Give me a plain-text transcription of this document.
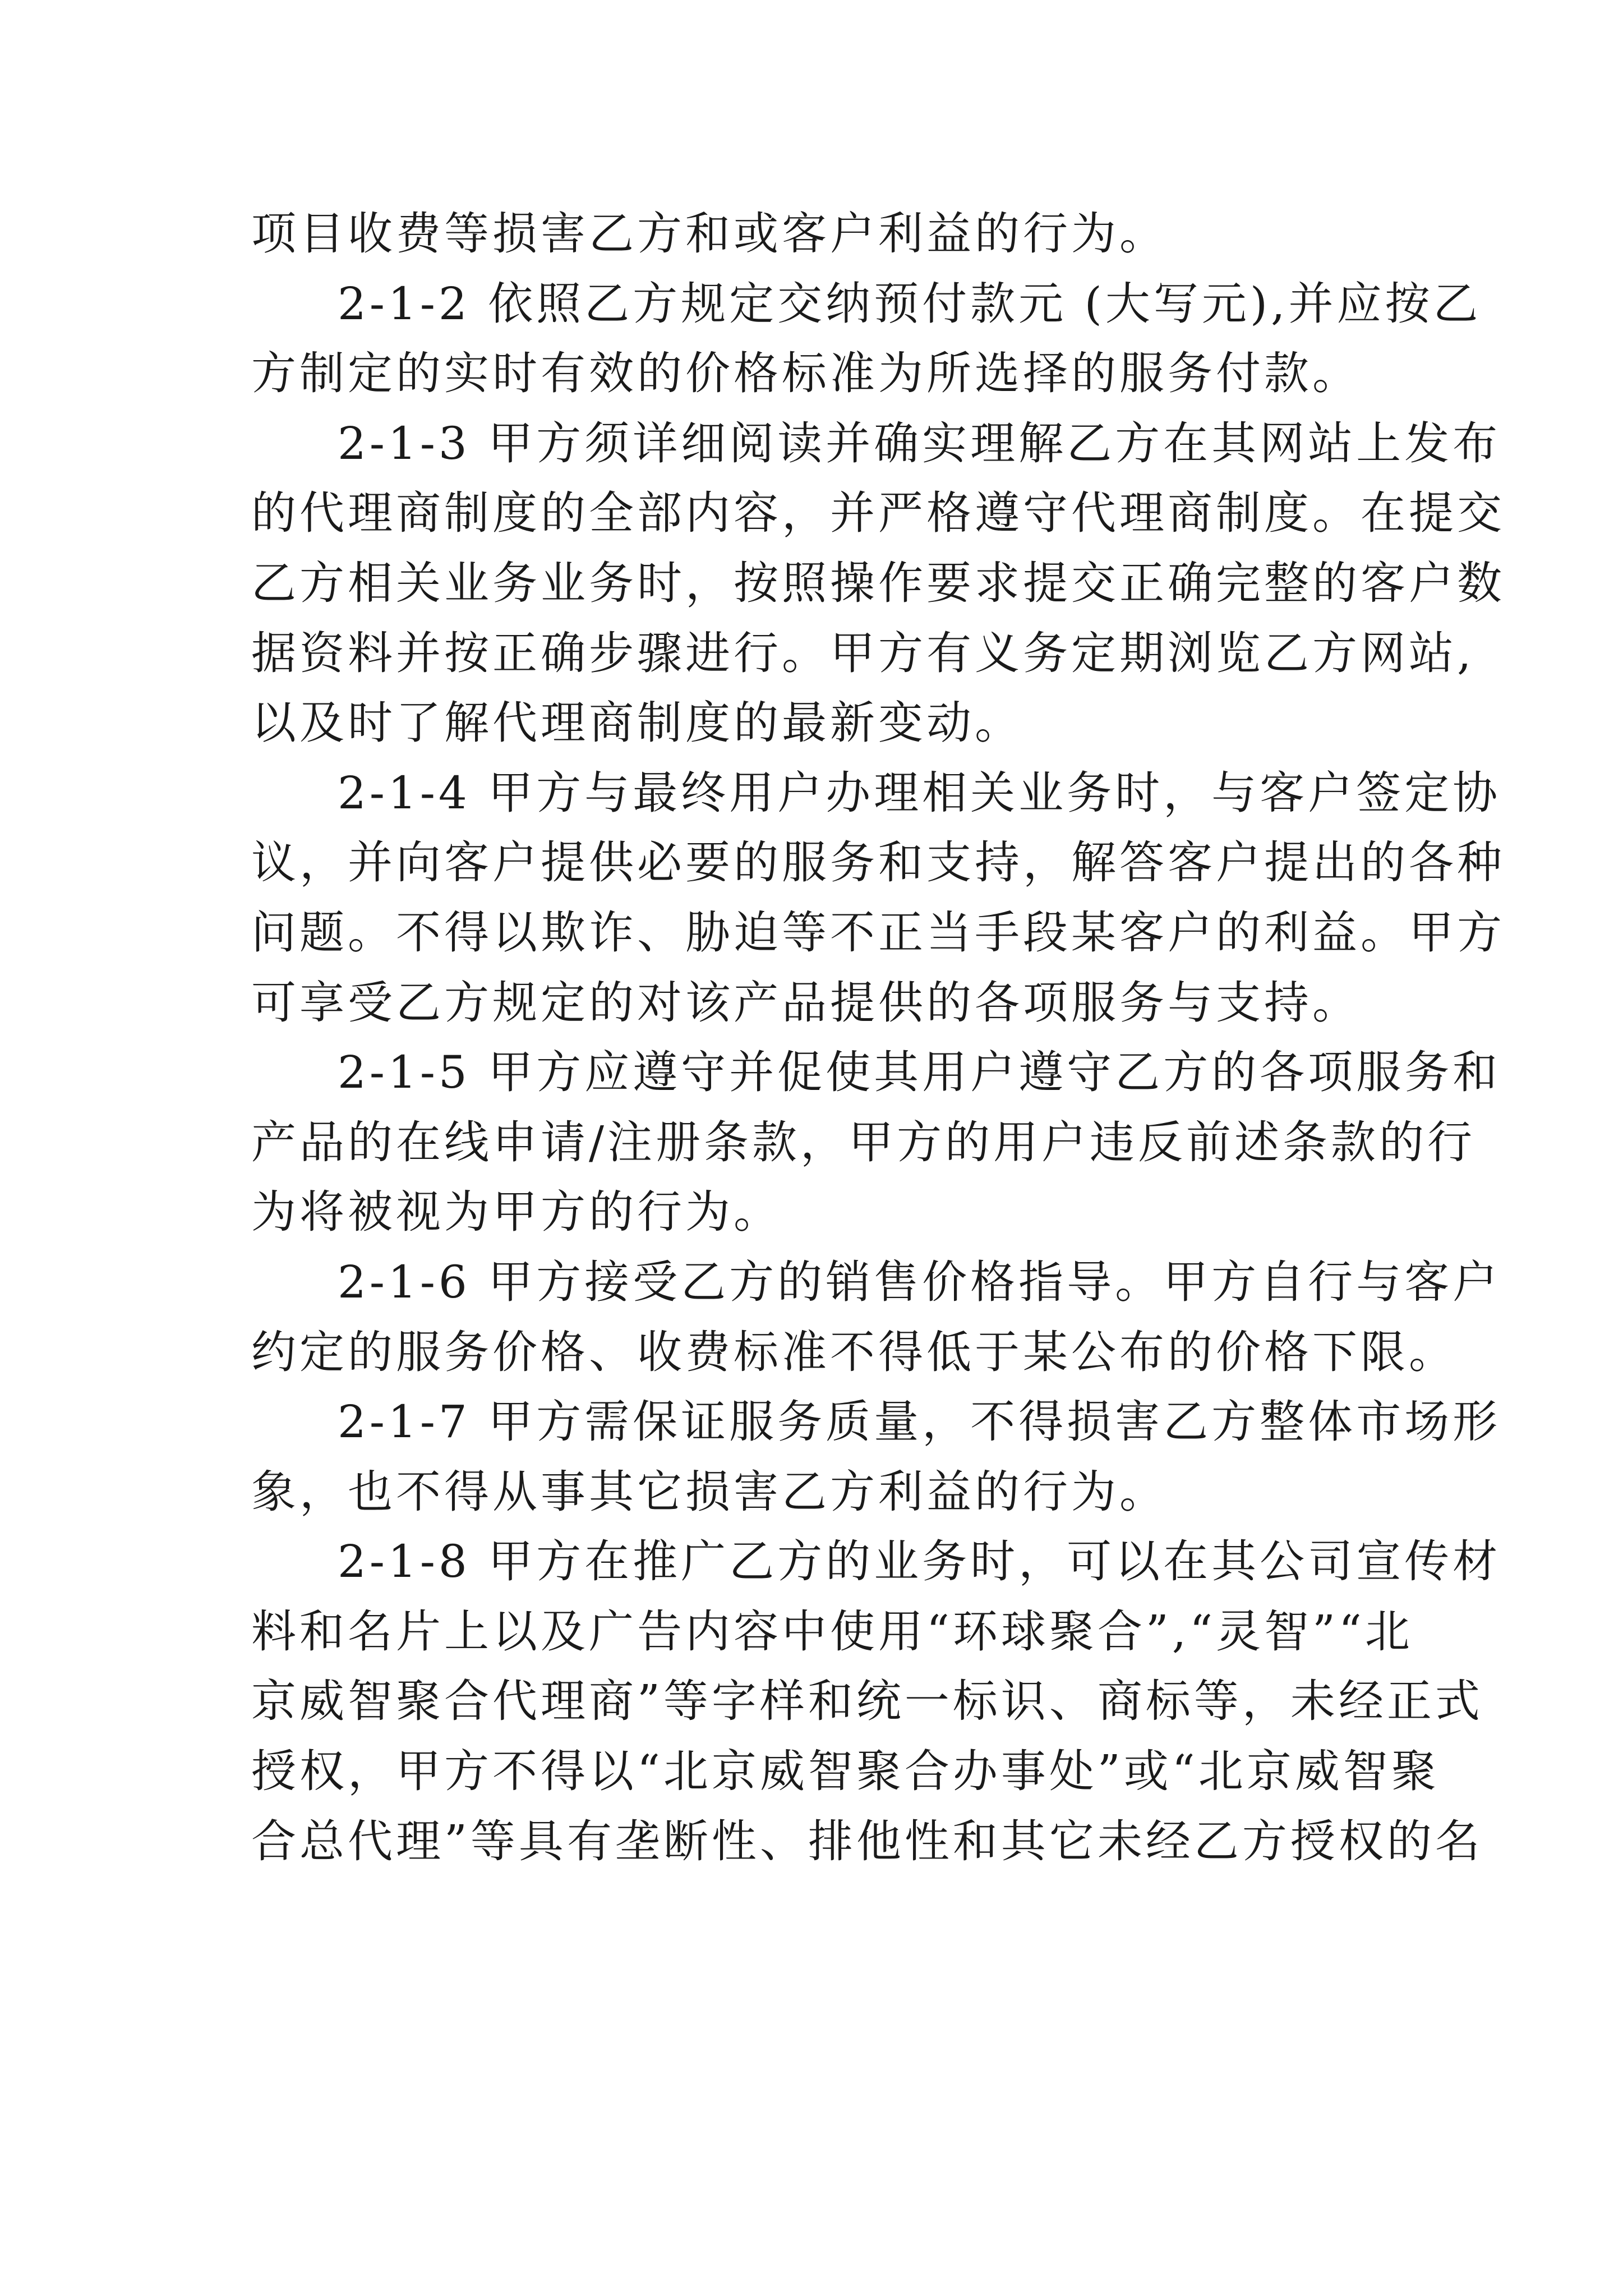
项目收费等损害乙方和或客户利益的行为。
2-1-2 依照乙方规定交纳预付款元 (大写元),并应按乙
方制定的实时有效的价格标准为所选择的服务付款。
2-1-3 甲方须详细阅读并确实理解乙方在其网站上发布
的代理商制度的全部内容，并严格遵守代理商制度。在提交
乙方相关业务业务时，按照操作要求提交正确完整的客户数
据资料并按正确步骤进行。甲方有义务定期浏览乙方网站,
以及时了解代理商制度的最新变动。
2-1-4 甲方与最终用户办理相关业务时，与客户签定协
议，并向客户提供必要的服务和支持，解答客户提出的各种
问题。不得以欺诈、胁迫等不正当手段某客户的利益。甲方
可享受乙方规定的对该产品提供的各项服务与支持。
2-1-5 甲方应遵守并促使其用户遵守乙方的各项服务和
产品的在线申请/注册条款，甲方的用户违反前述条款的行
为将被视为甲方的行为。
2-1-6 甲方接受乙方的销售价格指导。甲方自行与客户
约定的服务价格、收费标准不得低于某公布的价格下限。
2-1-7 甲方需保证服务质量，不得损害乙方整体市场形
象，也不得从事其它损害乙方利益的行为。
2-1-8 甲方在推广乙方的业务时，可以在其公司宣传材
料和名片上以及广告内容中使用“环球聚合”,“灵智”“北
京威智聚合代理商”等字样和统一标识、商标等，未经正式
授权，甲方不得以“北京威智聚合办事处”或“北京威智聚
合总代理”等具有垄断性、排他性和其它未经乙方授权的名
